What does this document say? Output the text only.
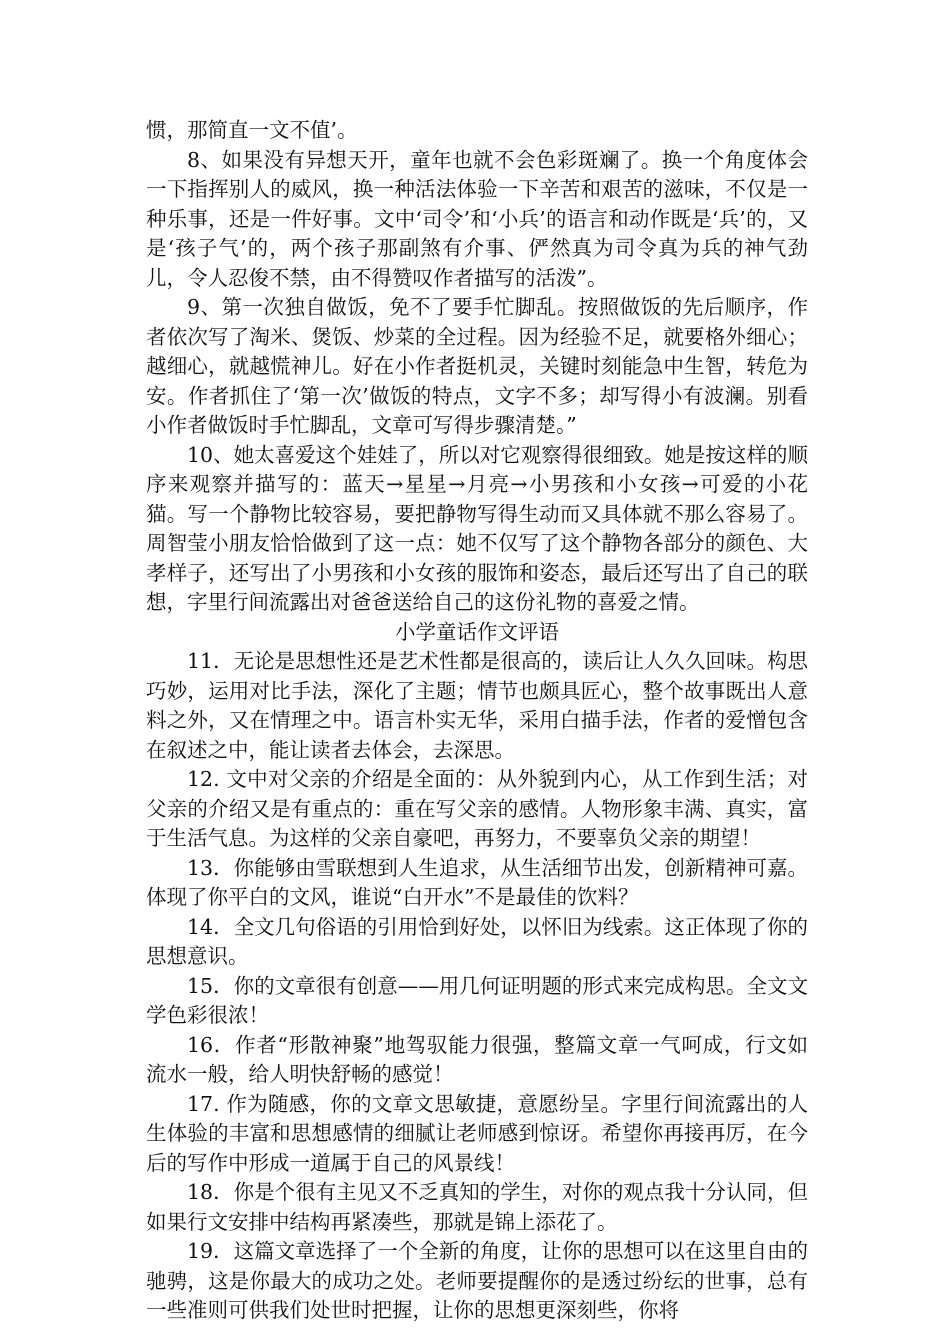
惯，那简直一文不值’。

8、如果没有异想天开，童年也就不会色彩斑斓了。换一个角度体会一下指挥别人的威风，换一种活法体验一下辛苦和艰苦的滋味，不仅是一种乐事，还是一件好事。文中‘司令’和‘小兵’的语言和动作既是‘兵’的，又是‘孩子气’的，两个孩子那副煞有介事、俨然真为司令真为兵的神气劲儿，令人忍俊不禁，由不得赞叹作者描写的活泼”。

9、第一次独自做饭，免不了要手忙脚乱。按照做饭的先后顺序，作者依次写了淘米、煲饭、炒菜的全过程。因为经验不足，就要格外细心；越细心，就越慌神儿。好在小作者挺机灵，关键时刻能急中生智，转危为安。作者抓住了‘第一次’做饭的特点，文字不多；却写得小有波澜。别看小作者做饭时手忙脚乱，文章可写得步骤清楚。”

10、她太喜爱这个娃娃了，所以对它观察得很细致。她是按这样的顺序来观察并描写的：蓝天→星星→月亮→小男孩和小女孩→可爱的小花猫。写一个静物比较容易，要把静物写得生动而又具体就不那么容易了。周智莹小朋友恰恰做到了这一点：她不仅写了这个静物各部分的颜色、大孝样子，还写出了小男孩和小女孩的服饰和姿态，最后还写出了自己的联想，字里行间流露出对爸爸送给自己的这份礼物的喜爱之情。

小学童话作文评语

11．无论是思想性还是艺术性都是很高的，读后让人久久回味。构思巧妙，运用对比手法，深化了主题；情节也颇具匠心，整个故事既出人意料之外，又在情理之中。语言朴实无华，采用白描手法，作者的爱憎包含在叙述之中，能让读者去体会，去深思。

12. 文中对父亲的介绍是全面的：从外貌到内心，从工作到生活；对父亲的介绍又是有重点的：重在写父亲的感情。人物形象丰满、真实，富于生活气息。为这样的父亲自豪吧，再努力，不要辜负父亲的期望！

13．你能够由雪联想到人生追求，从生活细节出发，创新精神可嘉。体现了你平白的文风，谁说“白开水”不是最佳的饮料？

14．全文几句俗语的引用恰到好处，以怀旧为线索。这正体现了你的思想意识。

15．你的文章很有创意——用几何证明题的形式来完成构思。全文文学色彩很浓！

16．作者“形散神聚”地驾驭能力很强，整篇文章一气呵成，行文如流水一般，给人明快舒畅的感觉！

17. 作为随感，你的文章文思敏捷，意愿纷呈。字里行间流露出的人生体验的丰富和思想感情的细腻让老师感到惊讶。希望你再接再厉，在今后的写作中形成一道属于自己的风景线！

18．你是个很有主见又不乏真知的学生，对你的观点我十分认同，但如果行文安排中结构再紧凑些，那就是锦上添花了。

19．这篇文章选择了一个全新的角度，让你的思想可以在这里自由的驰骋，这是你最大的成功之处。老师要提醒你的是透过纷纭的世事，总有一些准则可供我们处世时把握，让你的思想更深刻些，你将
